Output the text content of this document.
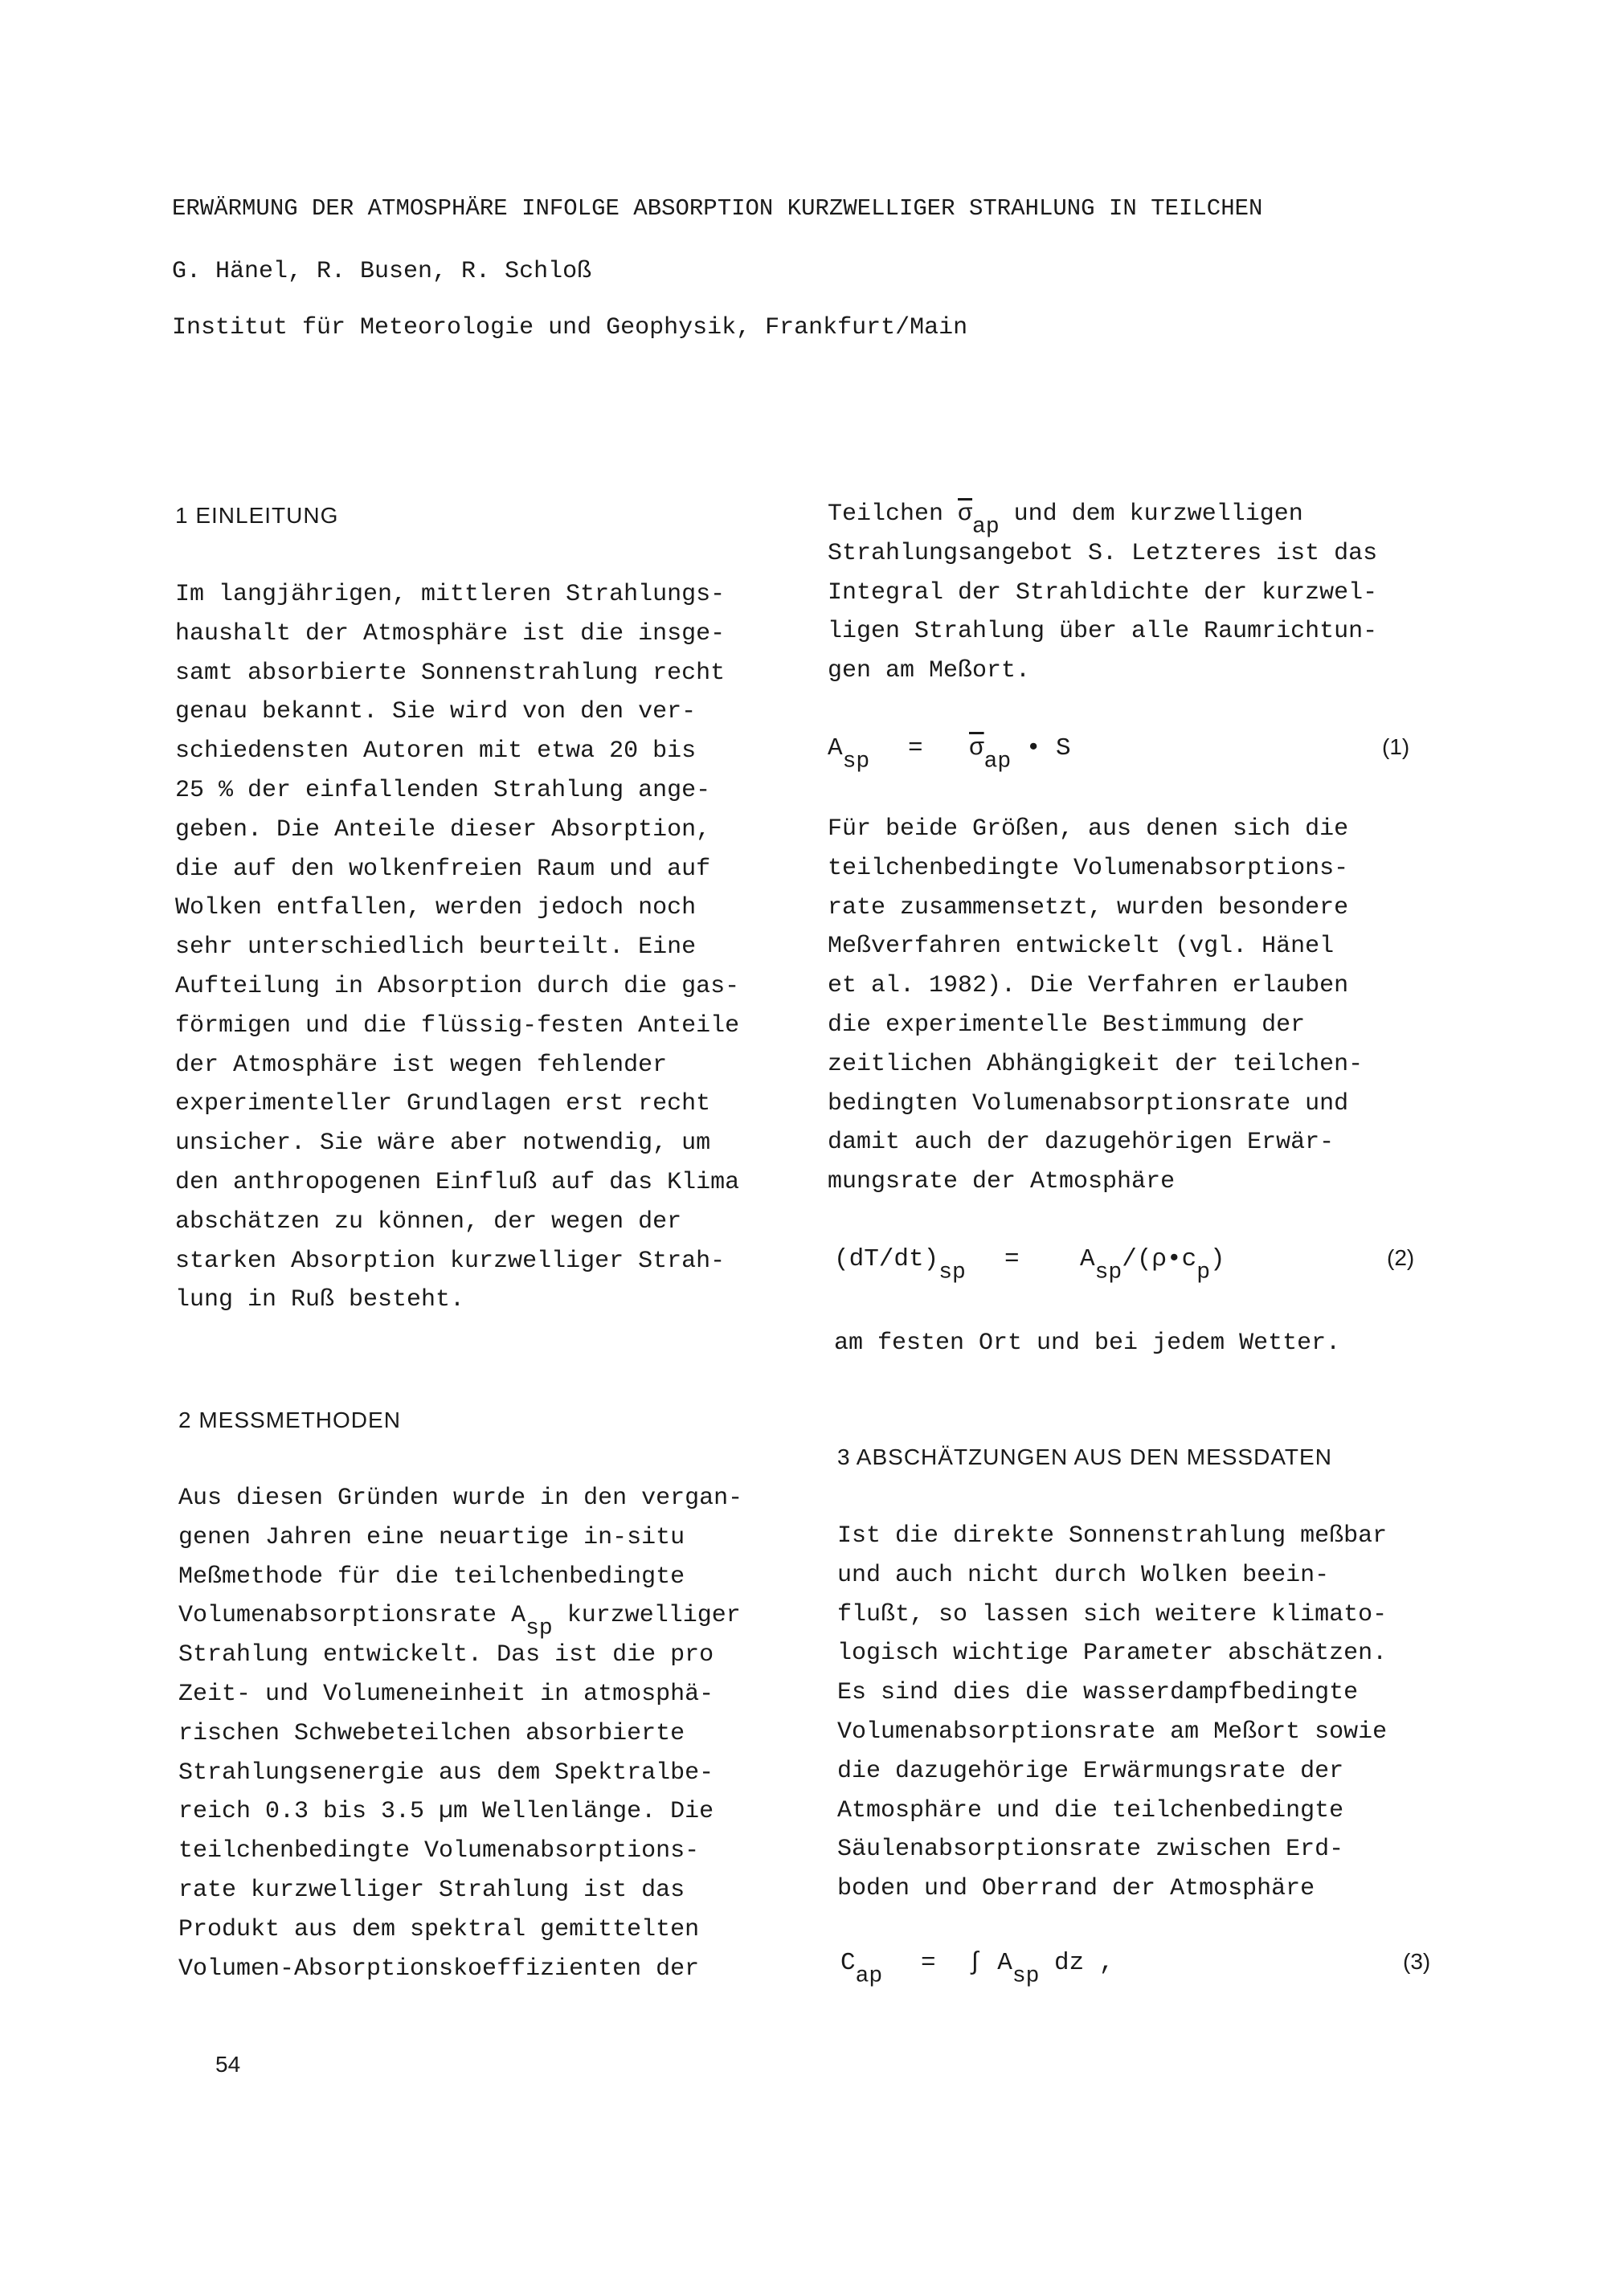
ERWÄRMUNG DER ATMOSPHÄRE INFOLGE ABSORPTION KURZWELLIGER STRAHLUNG IN TEILCHEN
G. Hänel, R. Busen, R. Schloß
Institut für Meteorologie und Geophysik, Frankfurt/Main
1 EINLEITUNG

Im langjährigen, mittleren Strahlungs-

haushalt der Atmosphäre ist die insge-

samt absorbierte Sonnenstrahlung recht

genau bekannt. Sie wird von den ver-

schiedensten Autoren mit etwa 20 bis

25 % der einfallenden Strahlung ange-

geben. Die Anteile dieser Absorption,

die auf den wolkenfreien Raum und auf

Wolken entfallen, werden jedoch noch

sehr unterschiedlich beurteilt. Eine

Aufteilung in Absorption durch die gas-

förmigen und die flüssig-festen Anteile

der Atmosphäre ist wegen fehlender

experimenteller Grundlagen erst recht

unsicher. Sie wäre aber notwendig, um

den anthropogenen Einfluß auf das Klima

abschätzen zu können, der wegen der

starken Absorption kurzwelliger Strah-

lung in Ruß besteht.

2 MESSMETHODEN

Aus diesen Gründen wurde in den vergan-

genen Jahren eine neuartige in-situ

Meßmethode für die teilchenbedingte

Volumenabsorptionsrate $A_{sp}$ kurzwelliger

Strahlung entwickelt. Das ist die pro

Zeit- und Volumeneinheit in atmosphä-

rischen Schwebeteilchen absorbierte

Strahlungsenergie aus dem Spektralbe-

reich 0.3 bis 3.5 µm Wellenlänge. Die

teilchenbedingte Volumenabsorptions-

rate kurzwelliger Strahlung ist das

Produkt aus dem spektral gemittelten

Volumen-Absorptionskoeffizienten der

Teilchen $\overline{\sigma}_{ap}$ und dem kurzwelligen

Strahlungsangebot S. Letzteres ist das

Integral der Strahldichte der kurzwel-

ligen Strahlung über alle Raumrichtun-

gen am Meßort.

$A_{sp} = \overline{\sigma}_{ap}$ • S	(1)

Für beide Größen, aus denen sich die

teilchenbedingte Volumenabsorptions-

rate zusammensetzt, wurden besondere

Meßverfahren entwickelt (vgl. Hänel

et al. 1982). Die Verfahren erlauben

die experimentelle Bestimmung der

zeitlichen Abhängigkeit der teilchen-

bedingten Volumenabsorptionsrate und

damit auch der dazugehörigen Erwär-

mungsrate der Atmosphäre

$(dT/dt)_{sp}$ = $A_{sp}/(\rho•c_p)$	(2)

am festen Ort und bei jedem Wetter.

3 ABSCHÄTZUNGEN AUS DEN MESSDATEN

Ist die direkte Sonnenstrahlung meßbar

und auch nicht durch Wolken beein-

flußt, so lassen sich weitere klimato-

logisch wichtige Parameter abschätzen.

Es sind dies die wasserdampfbedingte

Volumenabsorptionsrate am Meßort sowie

die dazugehörige Erwärmungsrate der

Atmosphäre und die teilchenbedingte

Säulenabsorptionsrate zwischen Erd-

boden und Oberrand der Atmosphäre

$C_{ap}$ = ∫ $A_{sp}$ dz ,	(3)
54
